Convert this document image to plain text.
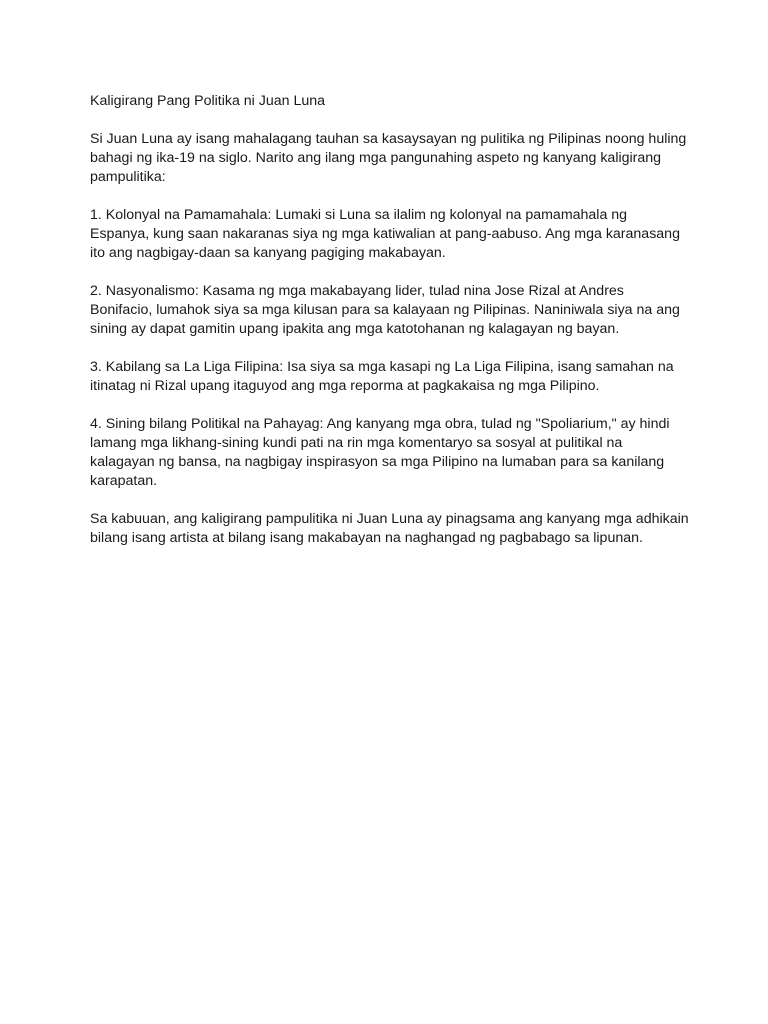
Kaligirang Pang Politika ni Juan Luna

Si Juan Luna ay isang mahalagang tauhan sa kasaysayan ng pulitika ng Pilipinas noong huling bahagi ng ika-19 na siglo. Narito ang ilang mga pangunahing aspeto ng kanyang kaligirang pampulitika:

1. Kolonyal na Pamamahala: Lumaki si Luna sa ilalim ng kolonyal na pamamahala ng Espanya, kung saan nakaranas siya ng mga katiwalian at pang-aabuso. Ang mga karanasang ito ang nagbigay-daan sa kanyang pagiging makabayan.

2. Nasyonalismo: Kasama ng mga makabayang lider, tulad nina Jose Rizal at Andres Bonifacio, lumahok siya sa mga kilusan para sa kalayaan ng Pilipinas. Naniniwala siya na ang sining ay dapat gamitin upang ipakita ang mga katotohanan ng kalagayan ng bayan.

3. Kabilang sa La Liga Filipina: Isa siya sa mga kasapi ng La Liga Filipina, isang samahan na itinatag ni Rizal upang itaguyod ang mga reporma at pagkakaisa ng mga Pilipino.

4. Sining bilang Politikal na Pahayag: Ang kanyang mga obra, tulad ng "Spoliarium," ay hindi lamang mga likhang-sining kundi pati na rin mga komentaryo sa sosyal at pulitikal na kalagayan ng bansa, na nagbigay inspirasyon sa mga Pilipino na lumaban para sa kanilang karapatan.

Sa kabuuan, ang kaligirang pampulitika ni Juan Luna ay pinagsama ang kanyang mga adhikain bilang isang artista at bilang isang makabayan na naghangad ng pagbabago sa lipunan.
